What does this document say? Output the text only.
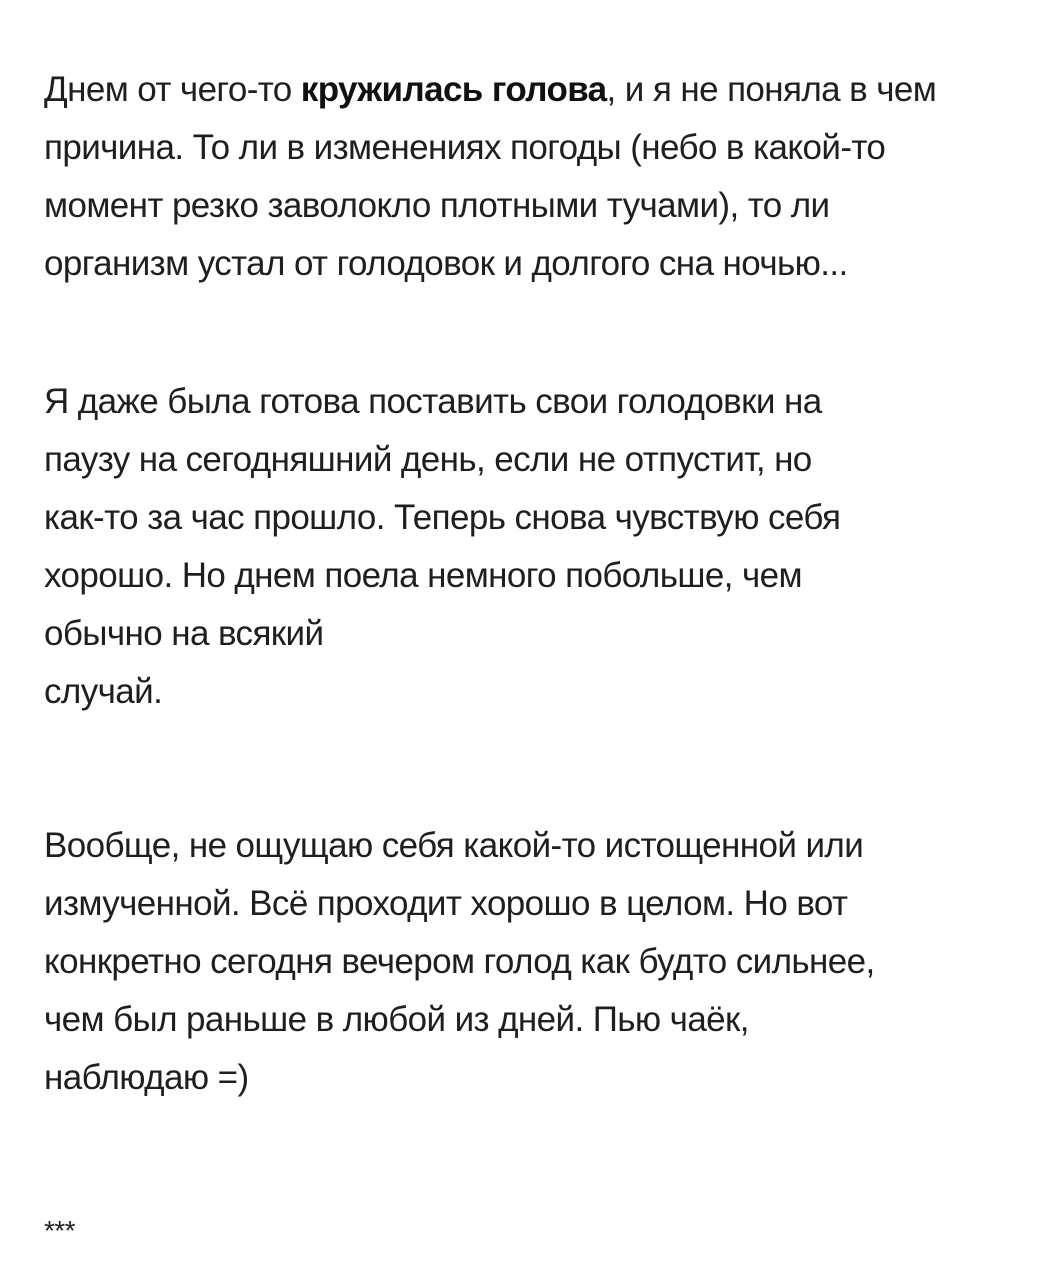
Днем от чего-то кружилась голова, и я не поняла в чем
причина. То ли в изменениях погоды (небо в какой-то
момент резко заволокло плотными тучами), то ли
организм устал от голодовок и долгого сна ночью...

Я даже была готова поставить свои голодовки на
паузу на сегодняшний день, если не отпустит, но
как-то за час прошло. Теперь снова чувствую себя
хорошо. Но днем поела немного побольше, чем
обычно на всякий
случай.

Вообще, не ощущаю себя какой-то истощенной или
измученной. Всё проходит хорошо в целом. Но вот
конкретно сегодня вечером голод как будто сильнее,
чем был раньше в любой из дней. Пью чаёк,
наблюдаю =)

***
